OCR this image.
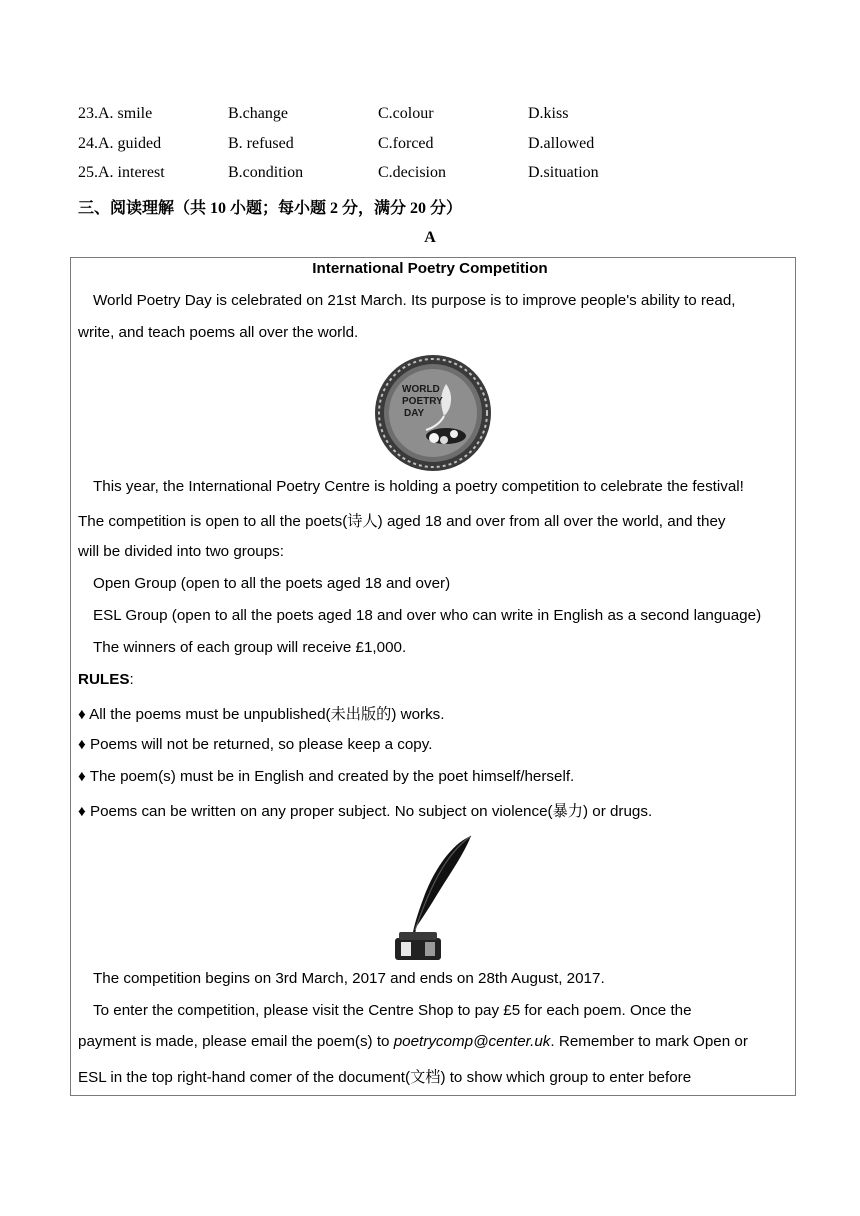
23.A. smile	B.change	C.colour	D.kiss
24.A. guided	B. refused	C.forced	D.allowed
25.A. interest	B.condition	C.decision	D.situation
三、阅读理解（共 10 小题；每小题 2 分，满分 20 分）
A
International Poetry Competition
World Poetry Day is celebrated on 21st March. Its purpose is to improve people's ability to read,
write, and teach poems all over the world.
WORLD
POETRY
DAY
This year, the International Poetry Centre is holding a poetry competition to celebrate the festival!
The competition is open to all the poets(诗人) aged 18 and over from all over the world, and they
will be divided into two groups:
Open Group (open to all the poets aged 18 and over)
ESL Group (open to all the poets aged 18 and over who can write in English as a second language)
The winners of each group will receive £1,000.
RULES:
♦ All the poems must be unpublished(未出版的) works.
♦ Poems will not be returned, so please keep a copy.
♦ The poem(s) must be in English and created by the poet himself/herself.
♦ Poems can be written on any proper subject. No subject on violence(暴力) or drugs.
The competition begins on 3rd March, 2017 and ends on 28th August, 2017.
To enter the competition, please visit the Centre Shop to pay £5 for each poem. Once the
payment is made, please email the poem(s) to poetrycomp@center.uk. Remember to mark Open or
ESL in the top right-hand comer of the document(文档) to show which group to enter before
